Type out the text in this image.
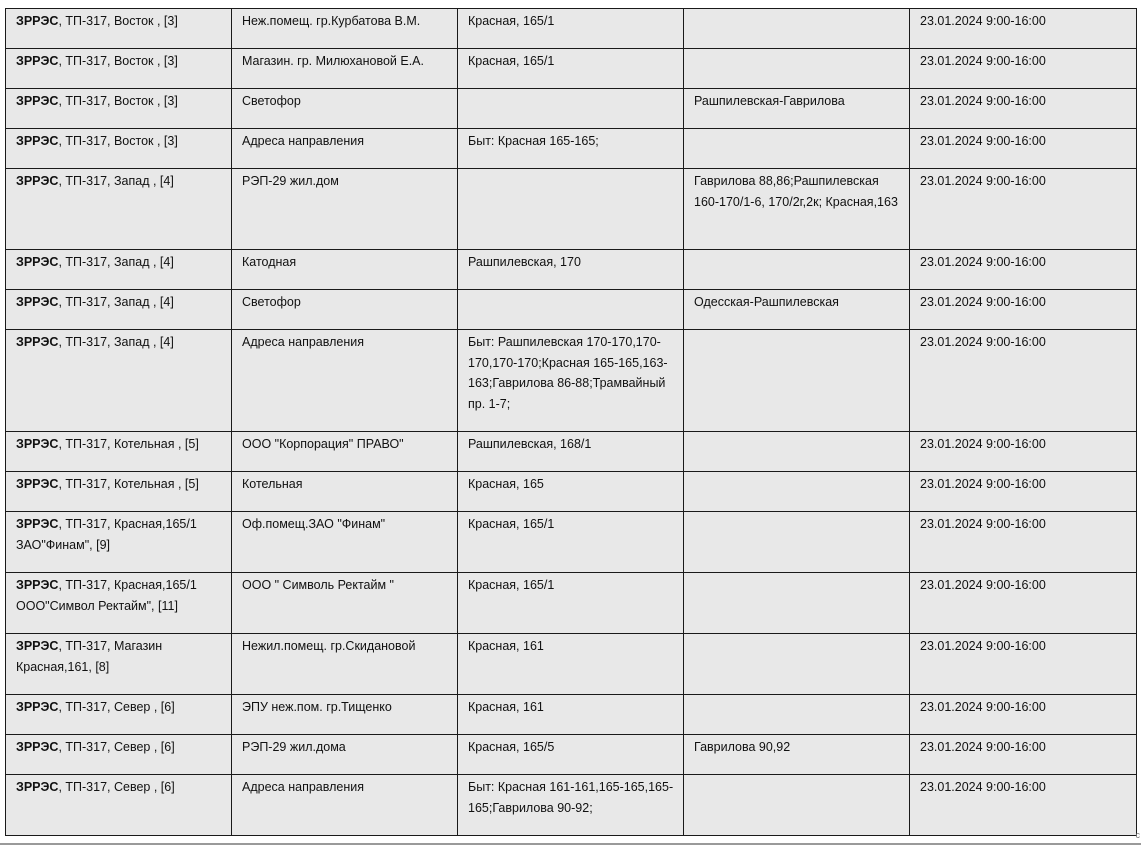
ЗРРЭС, ТП-317, Восток , [3]	Неж.помещ. гр.Курбатова В.М.	Красная, 165/1		23.01.2024 9:00-16:00
ЗРРЭС, ТП-317, Восток , [3]	Магазин. гр. Милюхановой Е.А.	Красная, 165/1		23.01.2024 9:00-16:00
ЗРРЭС, ТП-317, Восток , [3]	Светофор		Рашпилевская-Гаврилова	23.01.2024 9:00-16:00
ЗРРЭС, ТП-317, Восток , [3]	Адреса направления	Быт: Красная 165-165;		23.01.2024 9:00-16:00
ЗРРЭС, ТП-317, Запад , [4]	РЭП-29 жил.дом		Гаврилова 88,86;Рашпилевская 160-170/1-6, 170/2г,2к; Красная,163	23.01.2024 9:00-16:00
ЗРРЭС, ТП-317, Запад , [4]	Катодная	Рашпилевская, 170		23.01.2024 9:00-16:00
ЗРРЭС, ТП-317, Запад , [4]	Светофор		Одесская-Рашпилевская	23.01.2024 9:00-16:00
ЗРРЭС, ТП-317, Запад , [4]	Адреса направления	Быт: Рашпилевская 170-170,170-170,170-170;Красная 165-165,163-163;Гаврилова 86-88;Трамвайный пр. 1-7;		23.01.2024 9:00-16:00
ЗРРЭС, ТП-317, Котельная , [5]	ООО "Корпорация" ПРАВО"	Рашпилевская, 168/1		23.01.2024 9:00-16:00
ЗРРЭС, ТП-317, Котельная , [5]	Котельная	Красная, 165		23.01.2024 9:00-16:00
ЗРРЭС, ТП-317, Красная,165/1 ЗАО"Финам", [9]	Оф.помещ.ЗАО "Финам"	Красная, 165/1		23.01.2024 9:00-16:00
ЗРРЭС, ТП-317, Красная,165/1 ООО"Символ Ректайм", [11]	ООО " Символь Ректайм "	Красная, 165/1		23.01.2024 9:00-16:00
ЗРРЭС, ТП-317, Магазин Красная,161, [8]	Нежил.помещ. гр.Скидановой	Красная, 161		23.01.2024 9:00-16:00
ЗРРЭС, ТП-317, Север , [6]	ЭПУ неж.пом. гр.Тищенко	Красная, 161		23.01.2024 9:00-16:00
ЗРРЭС, ТП-317, Север , [6]	РЭП-29 жил.дома	Красная, 165/5	Гаврилова 90,92	23.01.2024 9:00-16:00
ЗРРЭС, ТП-317, Север , [6]	Адреса направления	Быт: Красная 161-161,165-165,165-165;Гаврилова 90-92;		23.01.2024 9:00-16:00
с
